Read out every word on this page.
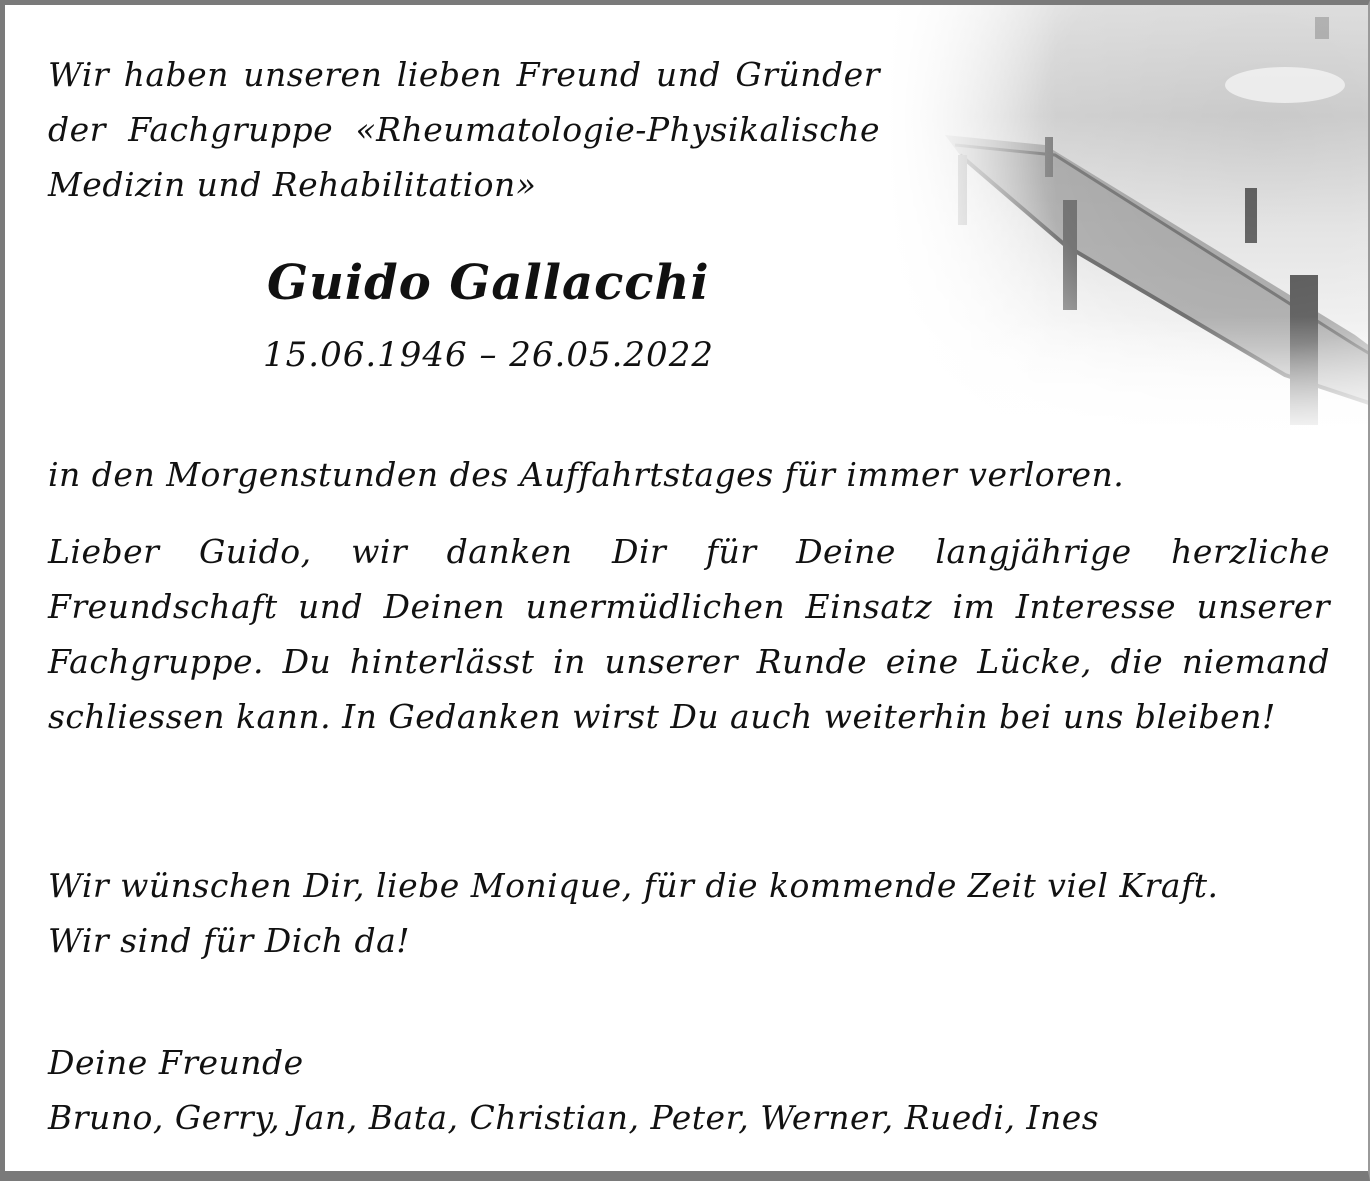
Wir haben unseren lieben Freund und Gründer der Fachgruppe «Rheumatologie-Physikalische Medizin und Rehabilitation»

Guido Gallacchi
15.06.1946 – 26.05.2022

in den Morgenstunden des Auffahrtstages für immer verloren.

Lieber Guido, wir danken Dir für Deine langjährige herzliche Freundschaft und Deinen unermüdlichen Einsatz im Interesse unserer Fachgruppe. Du hinterlässt in unserer Runde eine Lücke, die niemand schliessen kann. In Gedanken wirst Du auch weiterhin bei uns bleiben!

Wir wünschen Dir, liebe Monique, für die kommende Zeit viel Kraft.
Wir sind für Dich da!
Deine Freunde
Bruno, Gerry, Jan, Bata, Christian, Peter, Werner, Ruedi, Ines
